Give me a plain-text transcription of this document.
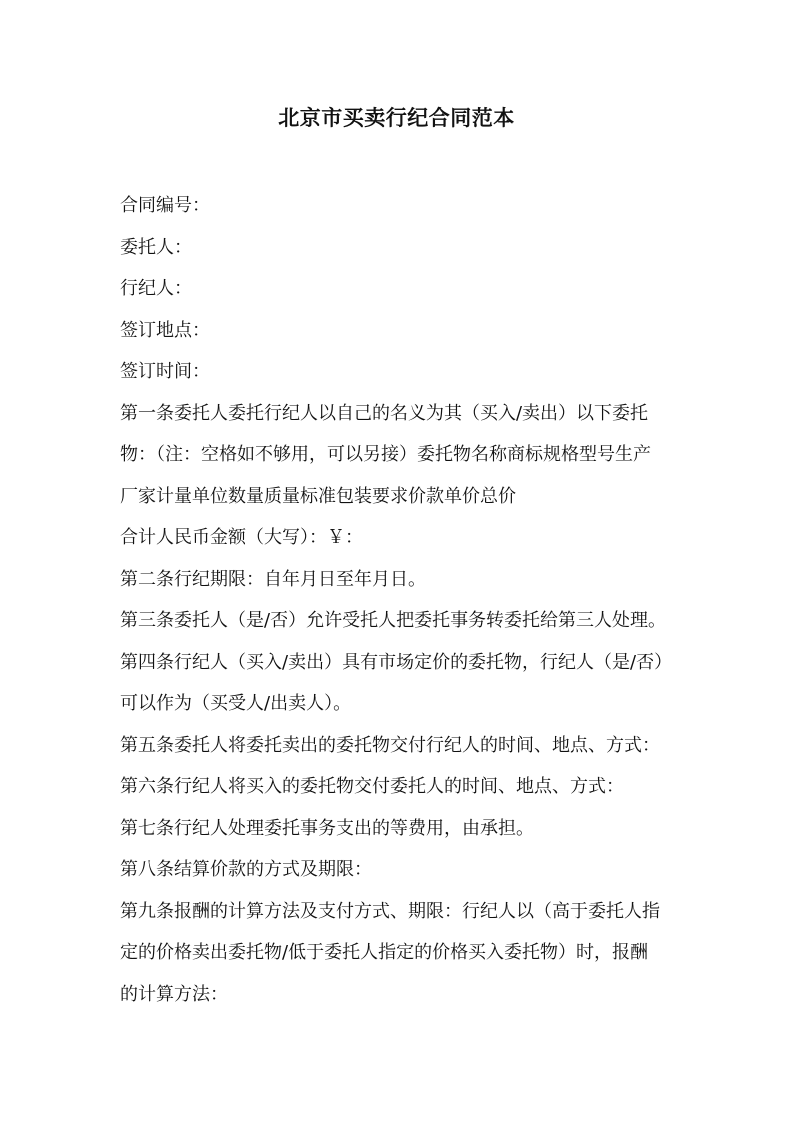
北京市买卖行纪合同范本
合同编号：
委托人：
行纪人：
签订地点：
签订时间：
第一条委托人委托行纪人以自己的名义为其（买入/卖出）以下委托
物：（注：空格如不够用，可以另接）委托物名称商标规格型号生产
厂家计量单位数量质量标准包装要求价款单价总价
合计人民币金额（大写）：￥：
第二条行纪期限：自年月日至年月日。
第三条委托人（是/否）允许受托人把委托事务转委托给第三人处理。
第四条行纪人（买入/卖出）具有市场定价的委托物，行纪人（是/否）
可以作为（买受人/出卖人）。
第五条委托人将委托卖出的委托物交付行纪人的时间、地点、方式：
第六条行纪人将买入的委托物交付委托人的时间、地点、方式：
第七条行纪人处理委托事务支出的等费用，由承担。
第八条结算价款的方式及期限：
第九条报酬的计算方法及支付方式、期限：行纪人以（高于委托人指
定的价格卖出委托物/低于委托人指定的价格买入委托物）时，报酬
的计算方法：
